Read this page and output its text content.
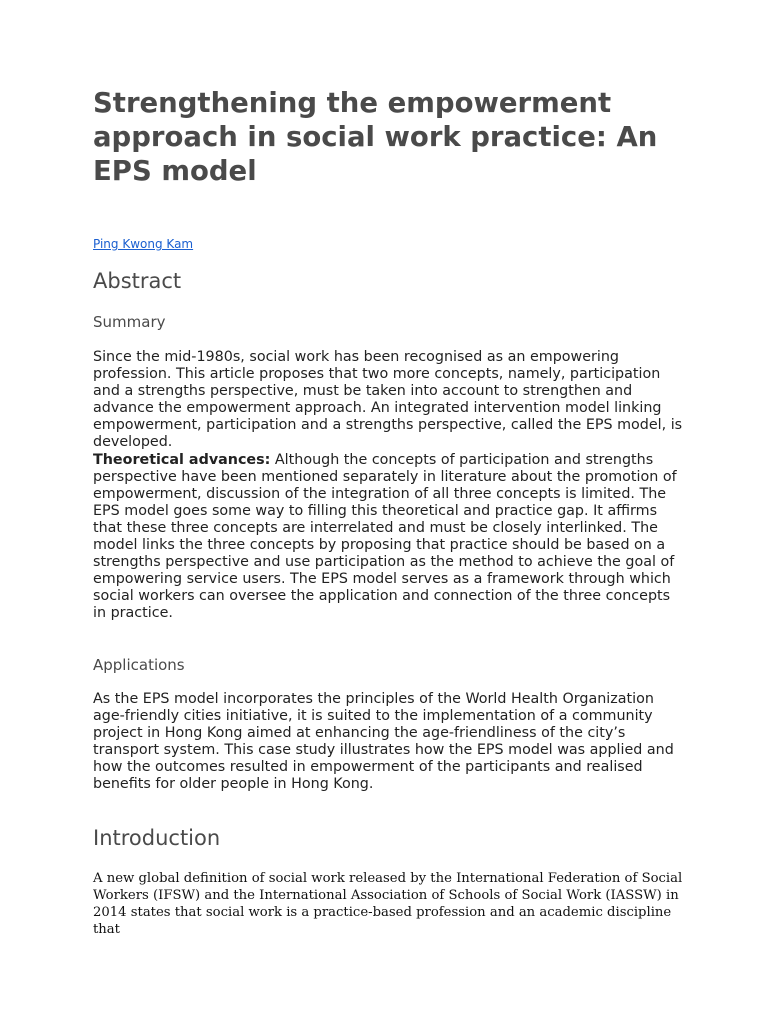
Strengthening the empowerment approach in social work practice: An EPS model
Ping Kwong Kam
Abstract
Summary
Since the mid-1980s, social work has been recognised as an empowering profession. This article proposes that two more concepts, namely, participation and a strengths perspective, must be taken into account to strengthen and advance the empowerment approach. An integrated intervention model linking empowerment, participation and a strengths perspective, called the EPS model, is developed.
Theoretical advances: Although the concepts of participation and strengths perspective have been mentioned separately in literature about the promotion of empowerment, discussion of the integration of all three concepts is limited. The EPS model goes some way to filling this theoretical and practice gap. It affirms that these three concepts are interrelated and must be closely interlinked. The model links the three concepts by proposing that practice should be based on a strengths perspective and use participation as the method to achieve the goal of empowering service users. The EPS model serves as a framework through which social workers can oversee the application and connection of the three concepts in practice.
Applications

As the EPS model incorporates the principles of the World Health Organization age-friendly cities initiative, it is suited to the implementation of a community project in Hong Kong aimed at enhancing the age-friendliness of the city’s transport system. This case study illustrates how the EPS model was applied and how the outcomes resulted in empowerment of the participants and realised benefits for older people in Hong Kong.

Introduction

A new global definition of social work released by the International Federation of Social Workers (IFSW) and the International Association of Schools of Social Work (IASSW) in 2014 states that social work is a practice-based profession and an academic discipline that
